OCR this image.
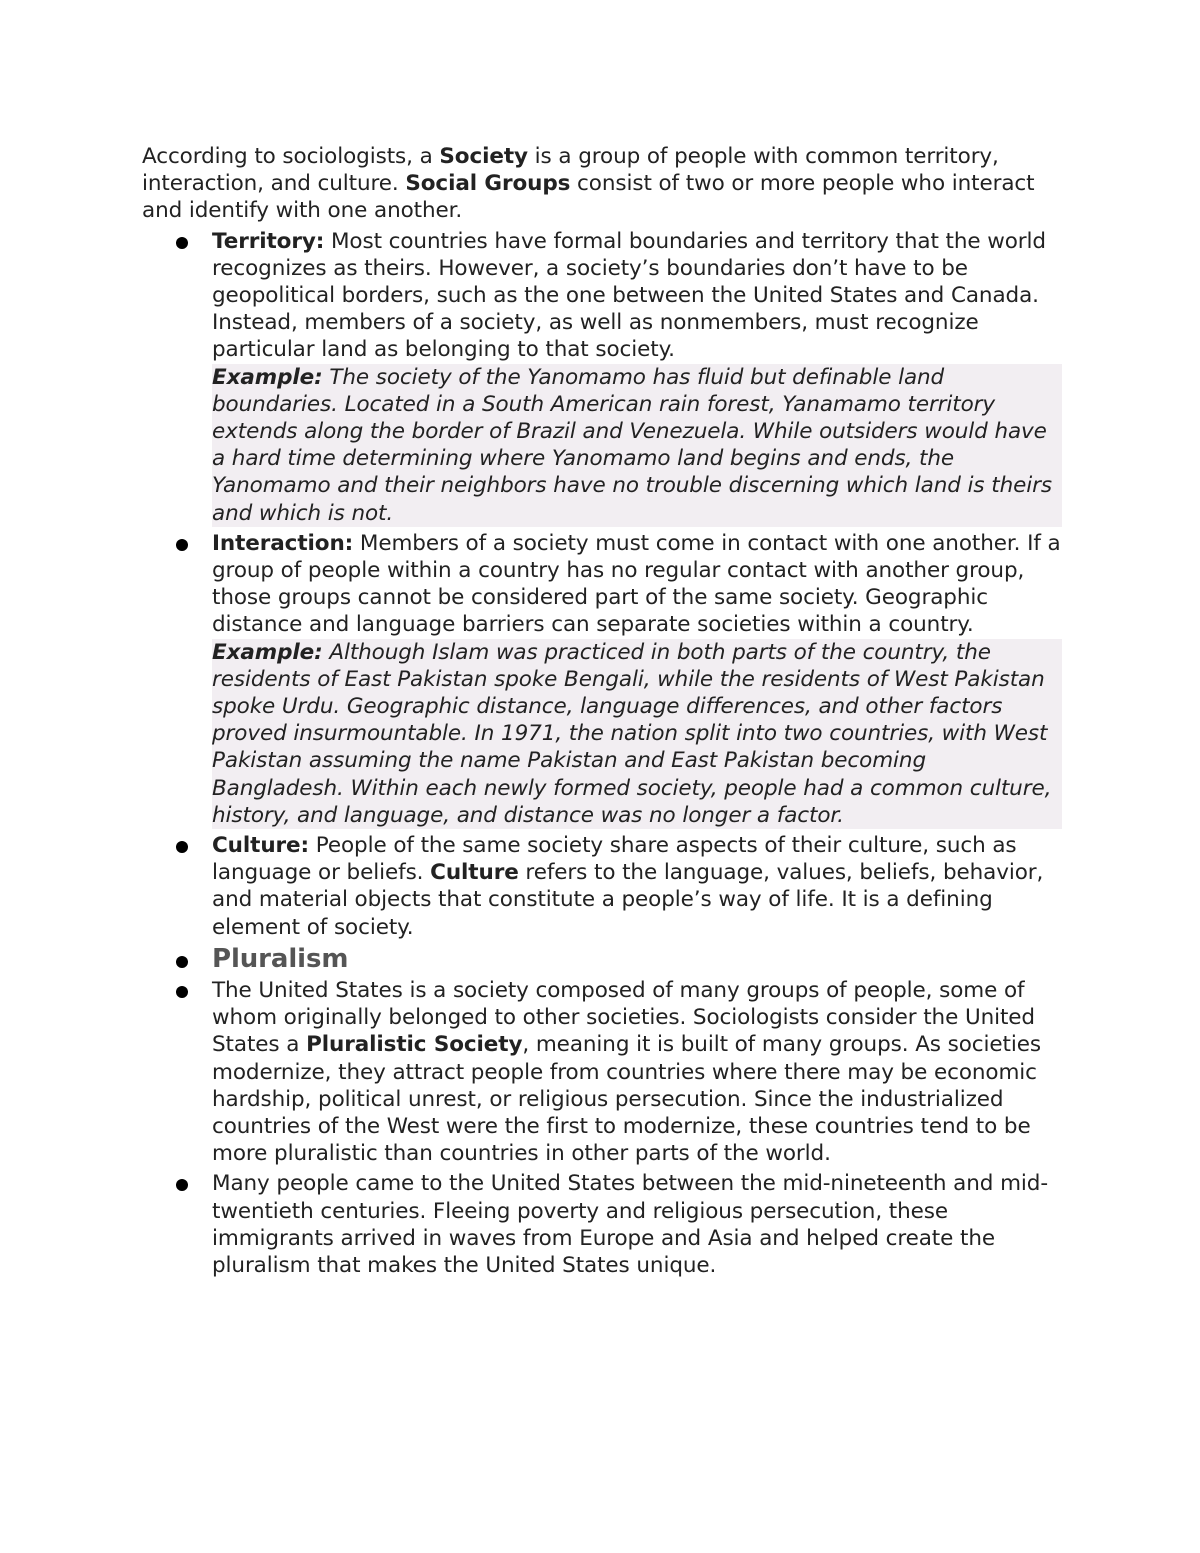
According to sociologists, a Society is a group of people with common territory, interaction, and culture. Social Groups consist of two or more people who interact and identify with one another.

Territory: Most countries have formal boundaries and territory that the world recognizes as theirs. However, a society’s boundaries don’t have to be geopolitical borders, such as the one between the United States and Canada. Instead, members of a society, as well as nonmembers, must recognize particular land as belonging to that society.
Example: The society of the Yanomamo has fluid but definable land boundaries. Located in a South American rain forest, Yanamamo territory extends along the border of Brazil and Venezuela. While outsiders would have a hard time determining where Yanomamo land begins and ends, the Yanomamo and their neighbors have no trouble discerning which land is theirs and which is not.
Interaction: Members of a society must come in contact with one another. If a group of people within a country has no regular contact with another group, those groups cannot be considered part of the same society. Geographic distance and language barriers can separate societies within a country.
Example: Although Islam was practiced in both parts of the country, the residents of East Pakistan spoke Bengali, while the residents of West Pakistan spoke Urdu. Geographic distance, language differences, and other factors proved insurmountable. In 1971, the nation split into two countries, with West Pakistan assuming the name Pakistan and East Pakistan becoming Bangladesh. Within each newly formed society, people had a common culture, history, and language, and distance was no longer a factor.
Culture: People of the same society share aspects of their culture, such as language or beliefs. Culture refers to the language, values, beliefs, behavior, and material objects that constitute a people’s way of life. It is a defining element of society.
Pluralism
The United States is a society composed of many groups of people, some of whom originally belonged to other societies. Sociologists consider the United States a Pluralistic Society, meaning it is built of many groups. As societies modernize, they attract people from countries where there may be economic hardship, political unrest, or religious persecution. Since the industrialized countries of the West were the first to modernize, these countries tend to be more pluralistic than countries in other parts of the world.
Many people came to the United States between the mid-nineteenth and mid-twentieth centuries. Fleeing poverty and religious persecution, these immigrants arrived in waves from Europe and Asia and helped create the pluralism that makes the United States unique.
